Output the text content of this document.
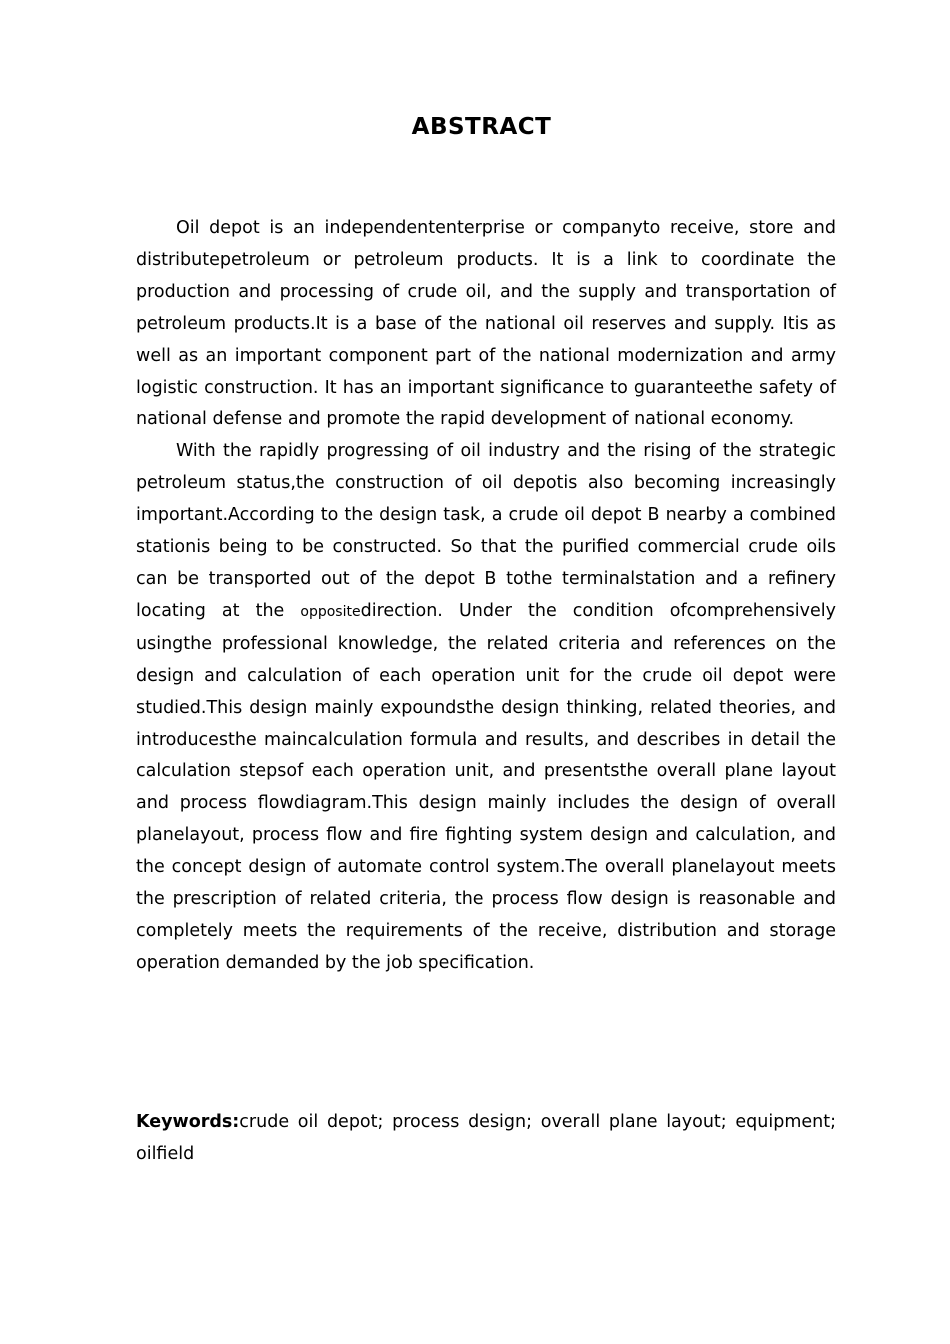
ABSTRACT

Oil depot is an independententerprise or companyto receive, store and distributepetroleum or petroleum products. It is a link to coordinate the production and processing of crude oil, and the supply and transportation of petroleum products.It is a base of the national oil reserves and supply. Itis as well as an important component part of the national modernization and army logistic construction. It has an important significance to guaranteethe safety of national defense and promote the rapid development of national economy.

With the rapidly progressing of oil industry and the rising of the strategic petroleum status,the construction of oil depotis also becoming increasingly important.According to the design task, a crude oil depot B nearby a combined stationis being to be constructed. So that the purified commercial crude oils can be transported out of the depot B tothe terminalstation and a refinery locating at the oppositedirection. Under the condition ofcomprehensively usingthe professional knowledge, the related criteria and references on the design and calculation of each operation unit for the crude oil depot were studied.This design mainly expoundsthe design thinking, related theories, and introducesthe maincalculation formula and results, and describes in detail the calculation stepsof each operation unit, and presentsthe overall plane layout and process flowdiagram.This design mainly includes the design of overall planelayout, process flow and fire fighting system design and calculation, and the concept design of automate control system.The overall planelayout meets the prescription of related criteria, the process flow design is reasonable and completely meets the requirements of the receive, distribution and storage operation demanded by the job specification.

Keywords:crude oil depot; process design; overall plane layout; equipment; oilfield
